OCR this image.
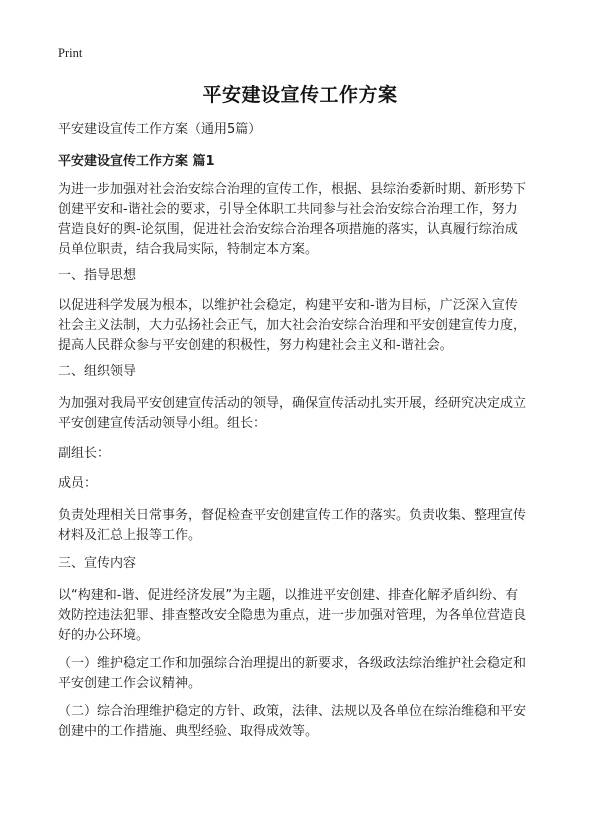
Print
平安建设宣传工作方案
平安建设宣传工作方案（通用5篇）
平安建设宣传工作方案 篇1
为进一步加强对社会治安综合治理的宣传工作，根据、县综治委新时期、新形势下
创建平安和-谐社会的要求，引导全体职工共同参与社会治安综合治理工作，努力
营造良好的舆-论氛围，促进社会治安综合治理各项措施的落实，认真履行综治成
员单位职责，结合我局实际，特制定本方案。
一、指导思想
以促进科学发展为根本，以维护社会稳定，构建平安和-谐为目标，广泛深入宣传
社会主义法制，大力弘扬社会正气，加大社会治安综合治理和平安创建宣传力度，
提高人民群众参与平安创建的积极性，努力构建社会主义和-谐社会。
二、组织领导
为加强对我局平安创建宣传活动的领导，确保宣传活动扎实开展，经研究决定成立
平安创建宣传活动领导小组。组长：
副组长：
成员：
负责处理相关日常事务，督促检查平安创建宣传工作的落实。负责收集、整理宣传
材料及汇总上报等工作。
三、宣传内容
以“构建和-谐、促进经济发展”为主题，以推进平安创建、排查化解矛盾纠纷、有
效防控违法犯罪、排查整改安全隐患为重点，进一步加强对管理，为各单位营造良
好的办公环境。
（一）维护稳定工作和加强综合治理提出的新要求，各级政法综治维护社会稳定和
平安创建工作会议精神。
（二）综合治理维护稳定的方针、政策，法律、法规以及各单位在综治维稳和平安
创建中的工作措施、典型经验、取得成效等。
